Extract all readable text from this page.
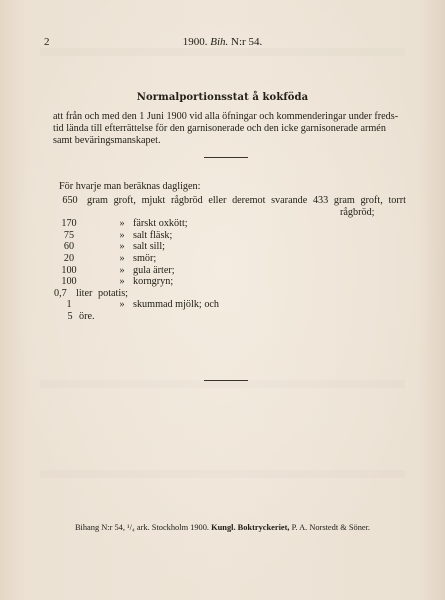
2	1900. Bih. N:r 54.
Normalportionsstat å kokföda

att från och med den 1 Juni 1900 vid alla öfningar och kommenderingar under freds-

tid lända till efterrättelse för den garnisonerade och den icke garnisonerade armén

samt beväringsmanskapet.

För hvarje man beräknas dagligen:
650 gram groft, mjukt rågbröd eller deremot svarande 433 gram groft, torrt
rågbröd;
170	» färskt oxkött;
75	» salt fläsk;
60	» salt sill;
20	» smör;
100	» gula ärter;
100	» korngryn;
0,7 liter potatis;
1	» skummad mjölk; och
5 öre.
Bihang N:r 54, ¹/₄ ark. Stockholm 1900. Kungl. Boktryckeriet, P. A. Norstedt & Söner.
